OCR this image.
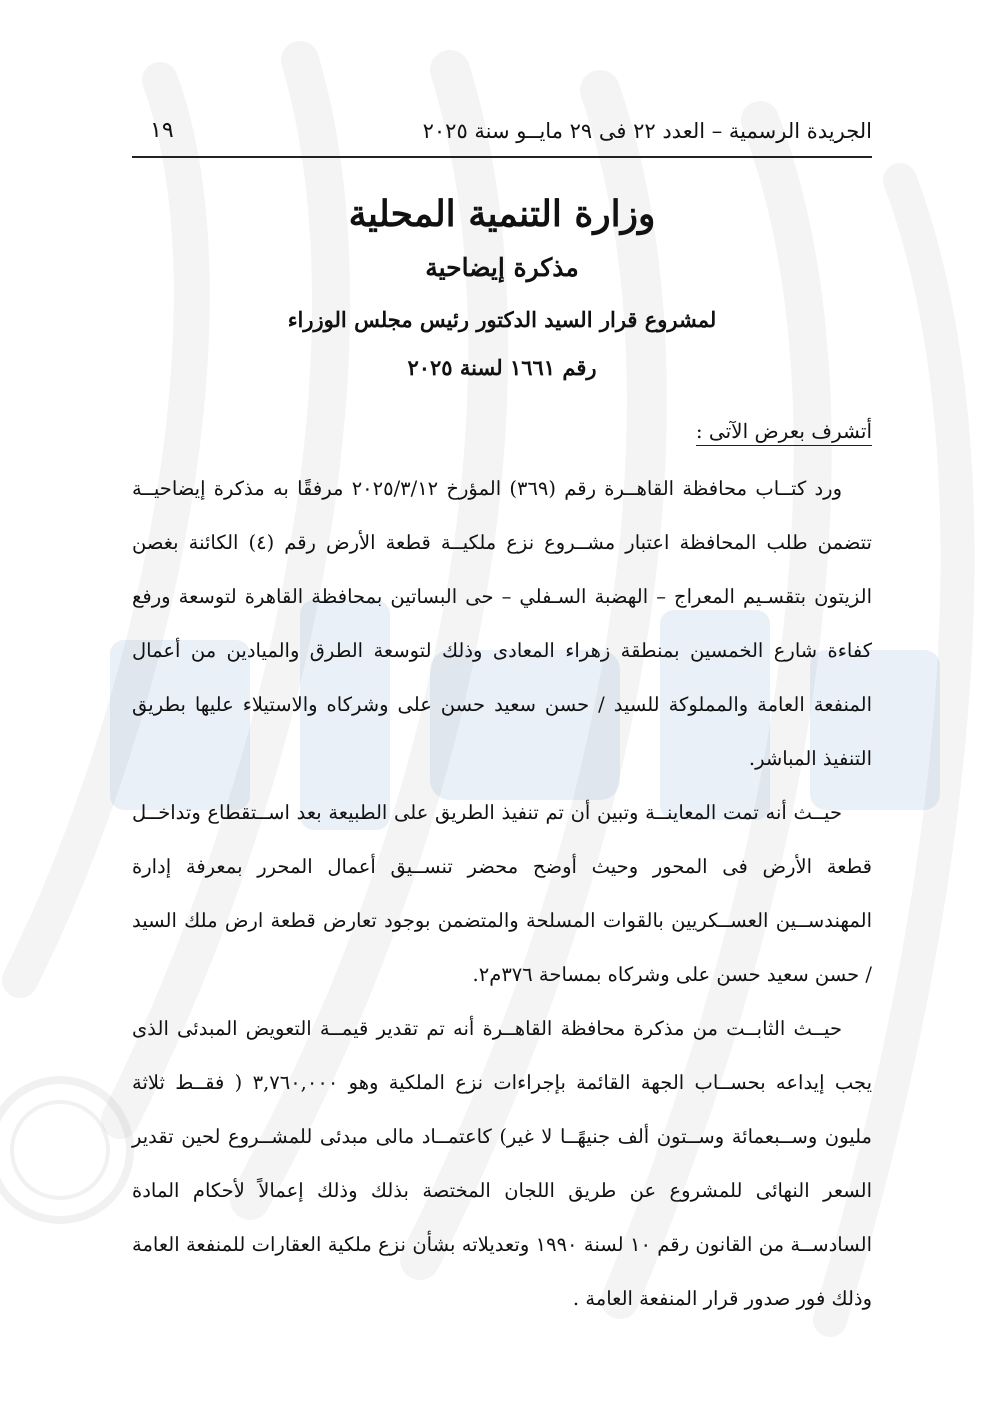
الجريدة الرسمية – العدد ٢٢ فى ٢٩ مايــو سنة ٢٠٢٥
١٩
وزارة التنمية المحلية
مذكرة إيضاحية
لمشروع قرار السيد الدكتور رئيس مجلس الوزراء
رقم ١٦٦١ لسنة ٢٠٢٥
أتشرف بعرض الآتى :

ورد كتــاب محافظة القاهــرة رقم (٣٦٩) المؤرخ ٢٠٢٥/٣/١٢ مرفقًا به مذكرة إيضاحيــة تتضمن طلب المحافظة اعتبار مشــروع نزع ملكيــة قطعة الأرض رقم (٤) الكائنة بغصن الزيتون بتقسـيم المعراج – الهضبة السـفلي – حى البساتين بمحافظة القاهرة لتوسعة ورفع كفاءة شارع الخمسين بمنطقة زهراء المعادى وذلك لتوسعة الطرق والميادين من أعمال المنفعة العامة والمملوكة للسيد / حسن سعيد حسن على وشركاه والاستيلاء عليها بطريق التنفيذ المباشر.

حيــث أنه تمت المعاينــة وتبين أن تم تنفيذ الطريق على الطبيعة بعد اســتقطاع وتداخــل قطعة الأرض فى المحور وحيث أوضح محضر تنســيق أعمال المحرر بمعرفة إدارة المهندســين العســكريين بالقوات المسلحة والمتضمن بوجود تعارض قطعة ارض ملك السيد / حسن سعيد حسن على وشركاه بمساحة ٣٧٦م٢.

حيــث الثابــت من مذكرة محافظة القاهــرة أنه تم تقدير قيمــة التعويض المبدئى الذى يجب إيداعه بحســاب الجهة القائمة بإجراءات نزع الملكية وهو ٣,٧٦٠,٠٠٠ ( فقــط ثلاثة مليون وســبعمائة وســتون ألف جنيهًــا لا غير) كاعتمــاد مالى مبدئى للمشــروع لحين تقدير السعر النهائى للمشروع عن طريق اللجان المختصة بذلك وذلك إعمالاً لأحكام المادة السادســة من القانون رقم ١٠ لسنة ١٩٩٠ وتعديلاته بشأن نزع ملكية العقارات للمنفعة العامة وذلك فور صدور قرار المنفعة العامة .
